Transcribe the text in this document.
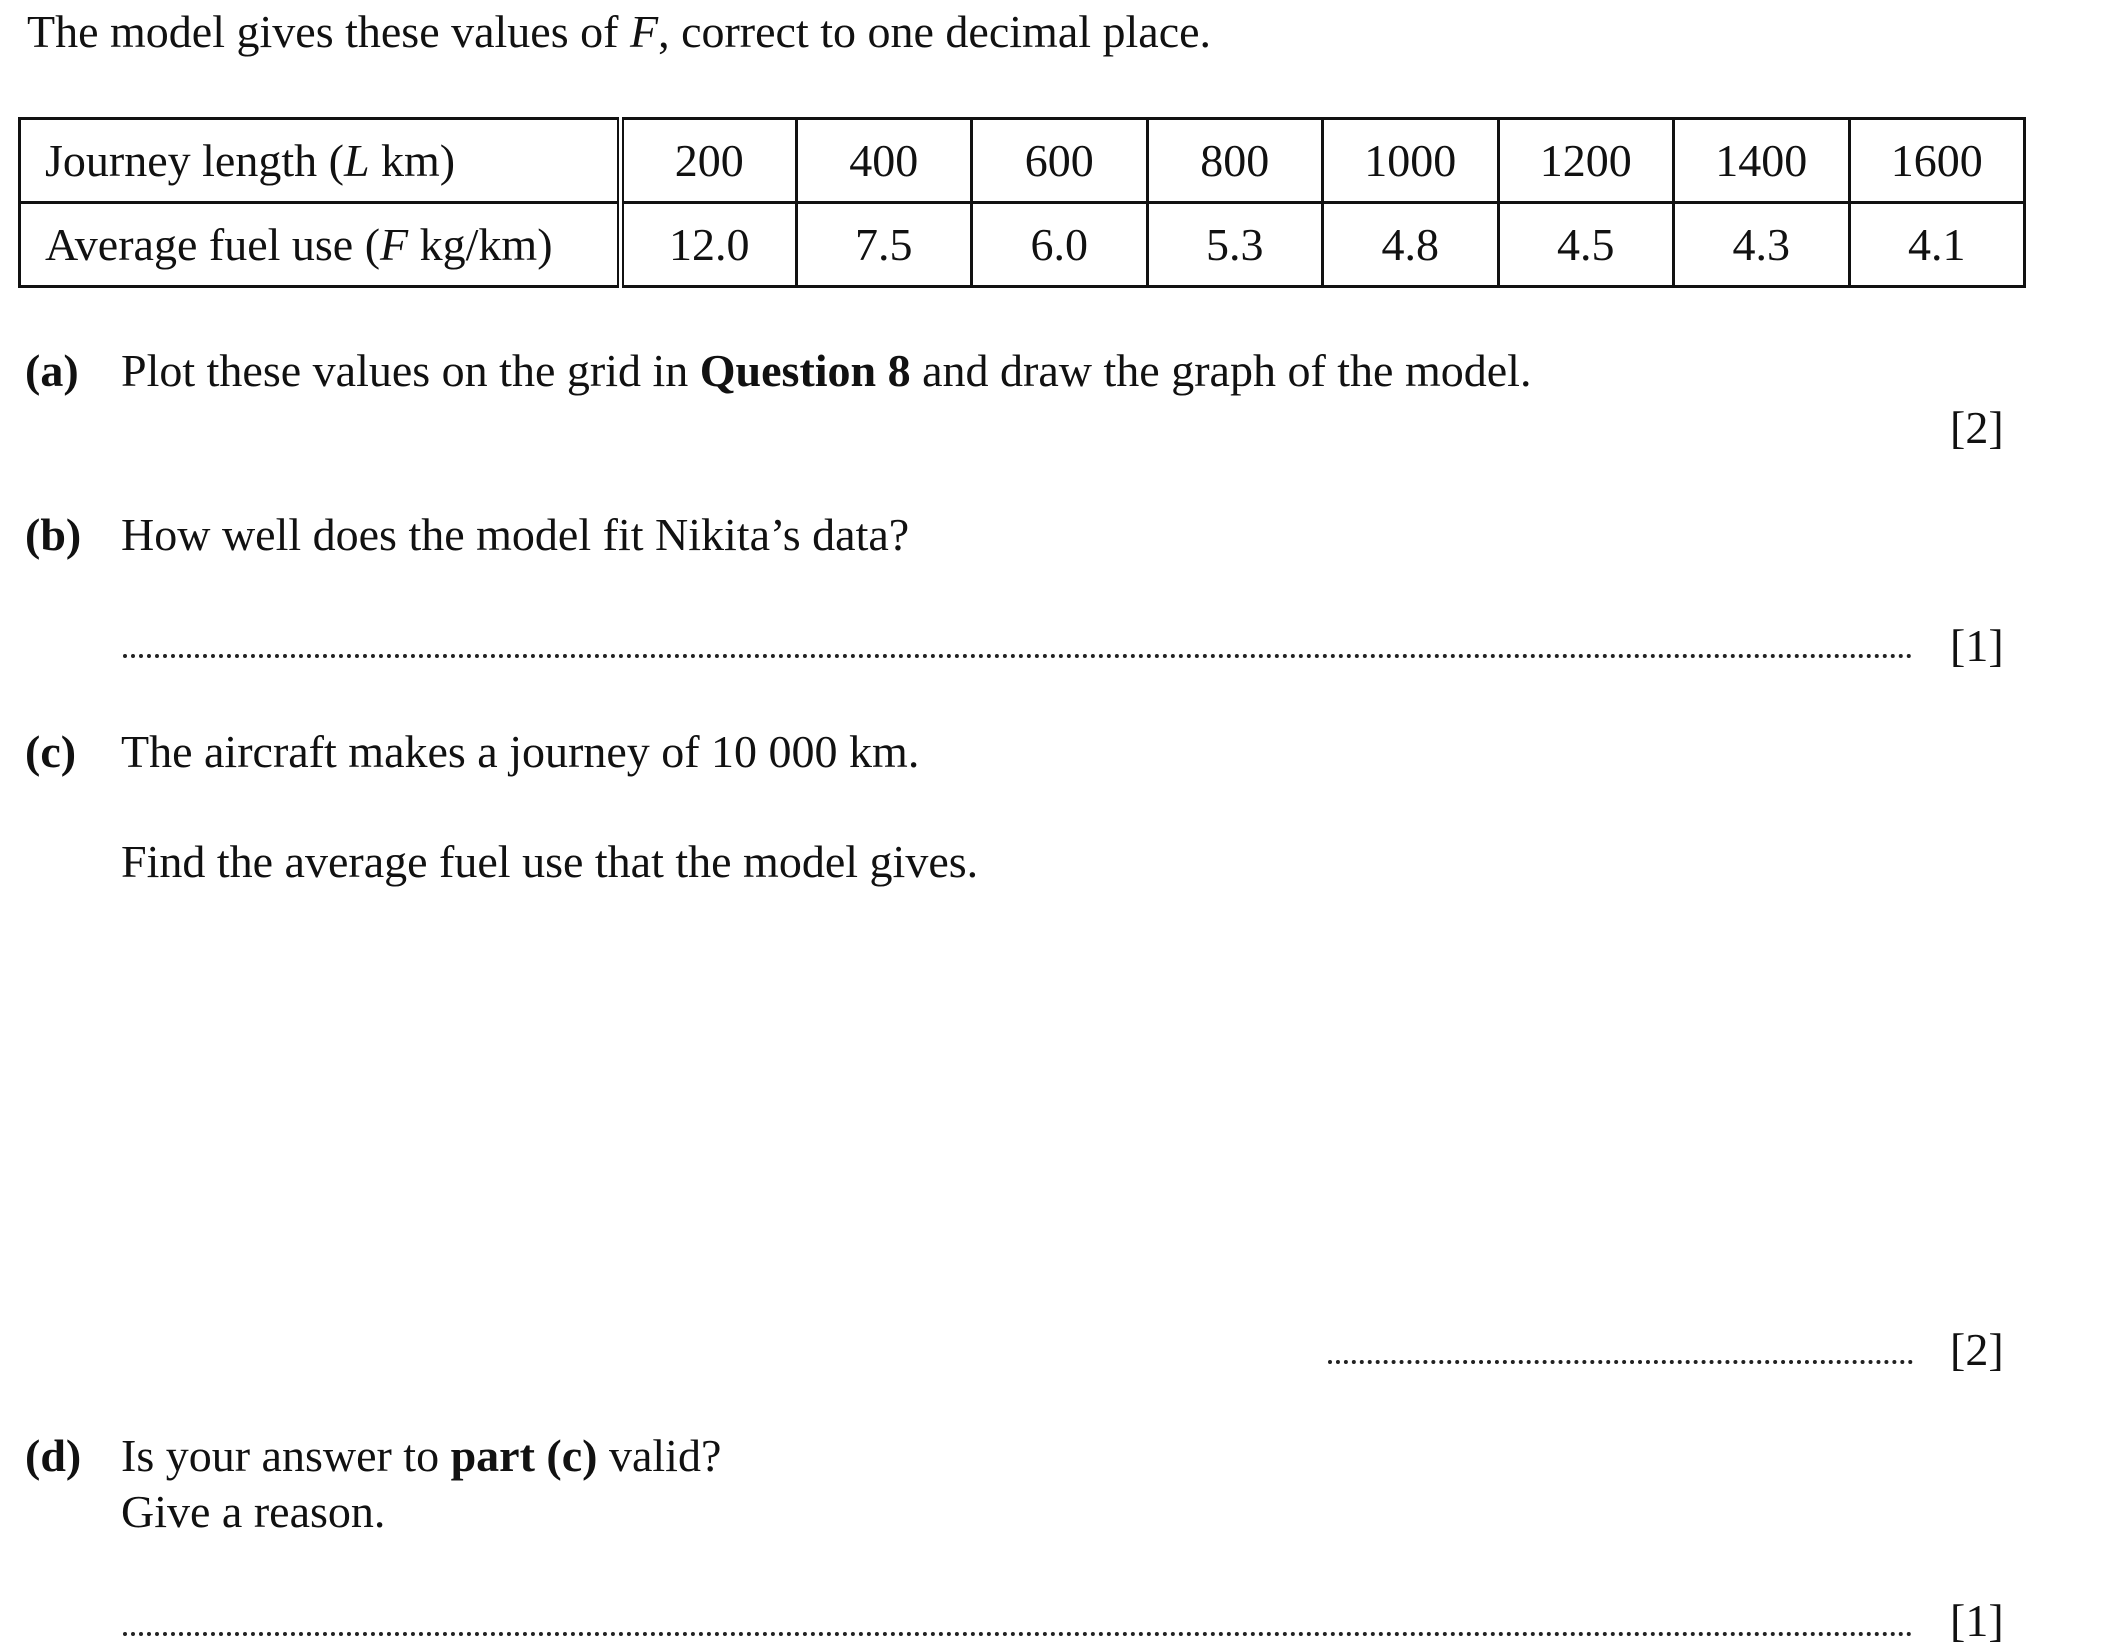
The model gives these values of F, correct to one decimal place.
Journey length (L km)	200	400	600	800	1000	1200	1400	1600
Average fuel use (F kg/km)	12.0	7.5	6.0	5.3	4.8	4.5	4.3	4.1
(a) Plot these values on the grid in Question 8 and draw the graph of the model.
[2]
(b) How well does the model fit Nikita’s data?
[1]
(c) The aircraft makes a journey of 10 000 km.
Find the average fuel use that the model gives.
[2]
(d) Is your answer to part (c) valid?
Give a reason.
[1]
